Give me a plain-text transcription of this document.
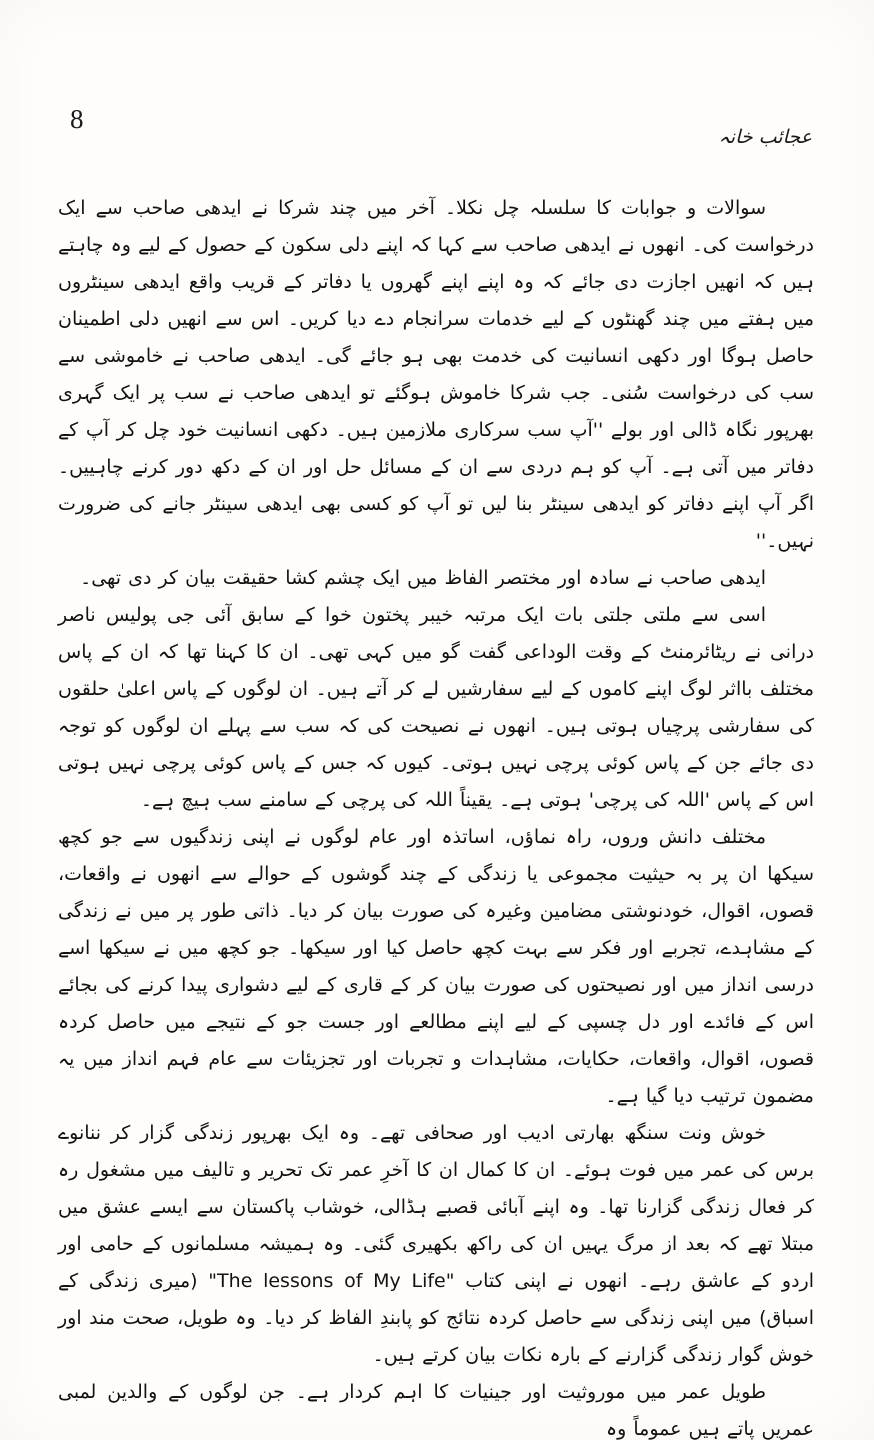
8
عجائب خانہ

سوالات و جوابات کا سلسلہ چل نکلا۔ آخر میں چند شرکا نے ایدھی صاحب سے ایک درخواست کی۔ انھوں نے ایدھی صاحب سے کہا کہ اپنے دلی سکون کے حصول کے لیے وہ چاہتے ہیں کہ انھیں اجازت دی جائے کہ وہ اپنے اپنے گھروں یا دفاتر کے قریب واقع ایدھی سینٹروں میں ہفتے میں چند گھنٹوں کے لیے خدمات سرانجام دے دیا کریں۔ اس سے انھیں دلی اطمینان حاصل ہوگا اور دکھی انسانیت کی خدمت بھی ہو جائے گی۔ ایدھی صاحب نے خاموشی سے سب کی درخواست سُنی۔ جب شرکا خاموش ہوگئے تو ایدھی صاحب نے سب پر ایک گہری بھرپور نگاہ ڈالی اور بولے ''آپ سب سرکاری ملازمین ہیں۔ دکھی انسانیت خود چل کر آپ کے دفاتر میں آتی ہے۔ آپ کو ہم دردی سے ان کے مسائل حل اور ان کے دکھ دور کرنے چاہییں۔ اگر آپ اپنے دفاتر کو ایدھی سینٹر بنا لیں تو آپ کو کسی بھی ایدھی سینٹر جانے کی ضرورت نہیں۔''

ایدھی صاحب نے سادہ اور مختصر الفاظ میں ایک چشم کشا حقیقت بیان کر دی تھی۔

اسی سے ملتی جلتی بات ایک مرتبہ خیبر پختون خوا کے سابق آئی جی پولیس ناصر درانی نے ریٹائرمنٹ کے وقت الوداعی گفت گو میں کہی تھی۔ ان کا کہنا تھا کہ ان کے پاس مختلف بااثر لوگ اپنے کاموں کے لیے سفارشیں لے کر آتے ہیں۔ ان لوگوں کے پاس اعلیٰ حلقوں کی سفارشی پرچیاں ہوتی ہیں۔ انھوں نے نصیحت کی کہ سب سے پہلے ان لوگوں کو توجہ دی جائے جن کے پاس کوئی پرچی نہیں ہوتی۔ کیوں کہ جس کے پاس کوئی پرچی نہیں ہوتی اس کے پاس 'اللہ کی پرچی' ہوتی ہے۔ یقیناً اللہ کی پرچی کے سامنے سب ہیچ ہے۔

مختلف دانش وروں، راہ نماؤں، اساتذہ اور عام لوگوں نے اپنی زندگیوں سے جو کچھ سیکھا ان پر بہ حیثیت مجموعی یا زندگی کے چند گوشوں کے حوالے سے انھوں نے واقعات، قصوں، اقوال، خودنوشتی مضامین وغیرہ کی صورت بیان کر دیا۔ ذاتی طور پر میں نے زندگی کے مشاہدے، تجربے اور فکر سے بہت کچھ حاصل کیا اور سیکھا۔ جو کچھ میں نے سیکھا اسے درسی انداز میں اور نصیحتوں کی صورت بیان کر کے قاری کے لیے دشواری پیدا کرنے کی بجائے اس کے فائدے اور دل چسپی کے لیے اپنے مطالعے اور جست جو کے نتیجے میں حاصل کردہ قصوں، اقوال، واقعات، حکایات، مشاہدات و تجربات اور تجزیئات سے عام فہم انداز میں یہ مضمون ترتیب دیا گیا ہے۔

خوش ونت سنگھ بھارتی ادیب اور صحافی تھے۔ وہ ایک بھرپور زندگی گزار کر ننانوے برس کی عمر میں فوت ہوئے۔ ان کا کمال ان کا آخرِ عمر تک تحریر و تالیف میں مشغول رہ کر فعال زندگی گزارنا تھا۔ وہ اپنے آبائی قصبے ہڈالی، خوشاب پاکستان سے ایسے عشق میں مبتلا تھے کہ بعد از مرگ یہیں ان کی راکھ بکھیری گئی۔ وہ ہمیشہ مسلمانوں کے حامی اور اردو کے عاشق رہے۔ انھوں نے اپنی کتاب "The lessons of My Life" (میری زندگی کے اسباق) میں اپنی زندگی سے حاصل کردہ نتائج کو پابندِ الفاظ کر دیا۔ وہ طویل، صحت مند اور خوش گوار زندگی گزارنے کے بارہ نکات بیان کرتے ہیں۔

طویل عمر میں موروثیت اور جینیات کا اہم کردار ہے۔ جن لوگوں کے والدین لمبی عمریں پاتے ہیں عموماً وہ
